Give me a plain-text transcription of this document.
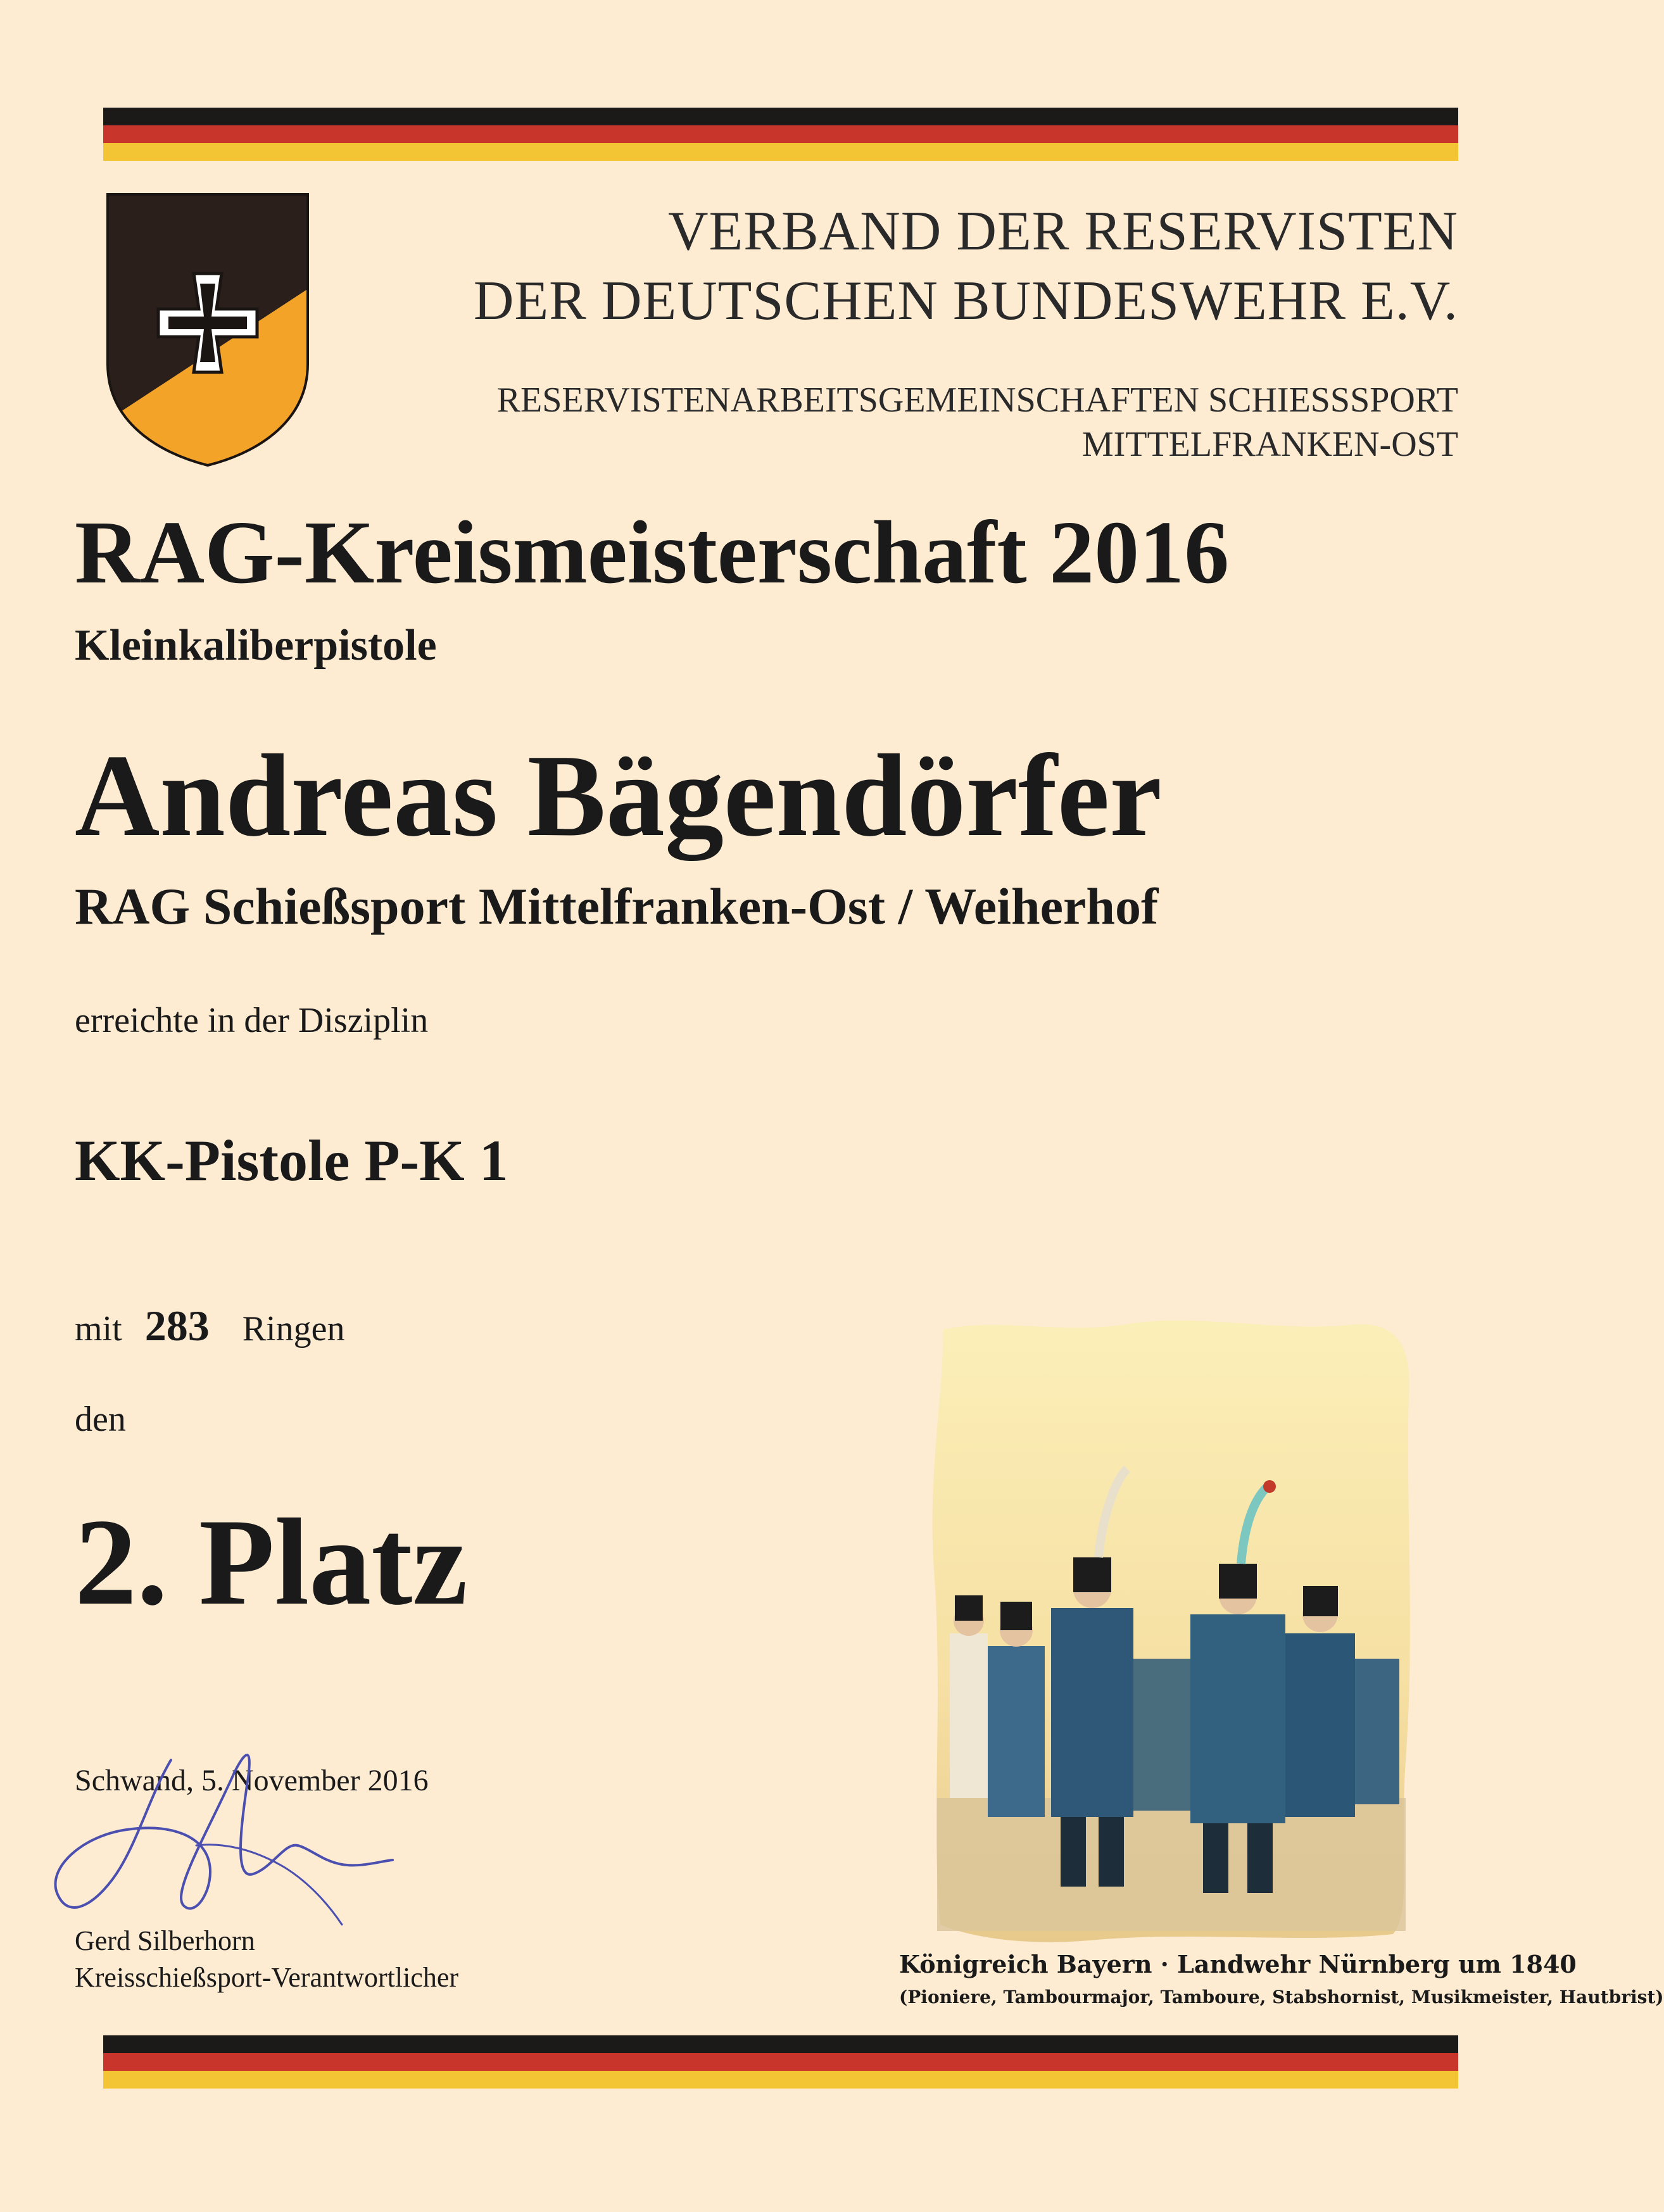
VERBAND DER RESERVISTEN
DER DEUTSCHEN BUNDESWEHR E.V.
RESERVISTENARBEITSGEMEINSCHAFTEN SCHIESSSPORT
MITTELFRANKEN-OST
RAG-Kreismeisterschaft 2016
Kleinkaliberpistole
Andreas Bägendörfer
RAG Schießsport Mittelfranken-Ost / Weiherhof
erreichte in der Disziplin
KK-Pistole P-K 1
mit 283 Ringen
den
2. Platz
Schwand, 5. November 2016
Gerd Silberhorn
Kreisschießsport-Verantwortlicher	Königreich Bayern · Landwehr Nürnberg um 1840
(Pioniere, Tambourmajor, Tamboure, Stabshornist, Musikmeister, Hautbrist)
